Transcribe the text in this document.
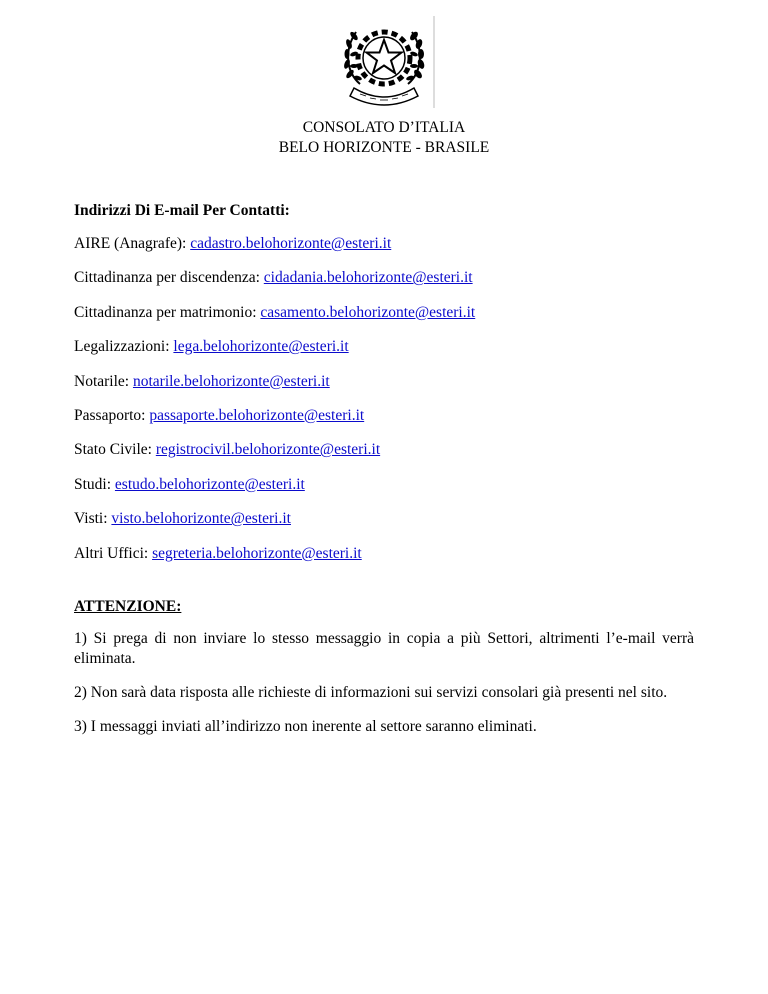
CONSOLATO D’ITALIA
BELO HORIZONTE - BRASILE
Indirizzi Di E-mail Per Contatti:
AIRE (Anagrafe): cadastro.belohorizonte@esteri.it
Cittadinanza per discendenza: cidadania.belohorizonte@esteri.it
Cittadinanza per matrimonio: casamento.belohorizonte@esteri.it
Legalizzazioni: lega.belohorizonte@esteri.it
Notarile: notarile.belohorizonte@esteri.it
Passaporto: passaporte.belohorizonte@esteri.it
Stato Civile: registrocivil.belohorizonte@esteri.it
Studi: estudo.belohorizonte@esteri.it
Visti: visto.belohorizonte@esteri.it
Altri Uffici: segreteria.belohorizonte@esteri.it
ATTENZIONE:
1) Si prega di non inviare lo stesso messaggio in copia a più Settori, altrimenti l’e-mail verrà eliminata.
2) Non sarà data risposta alle richieste di informazioni sui servizi consolari già presenti nel sito.
3) I messaggi inviati all’indirizzo non inerente al settore saranno eliminati.
